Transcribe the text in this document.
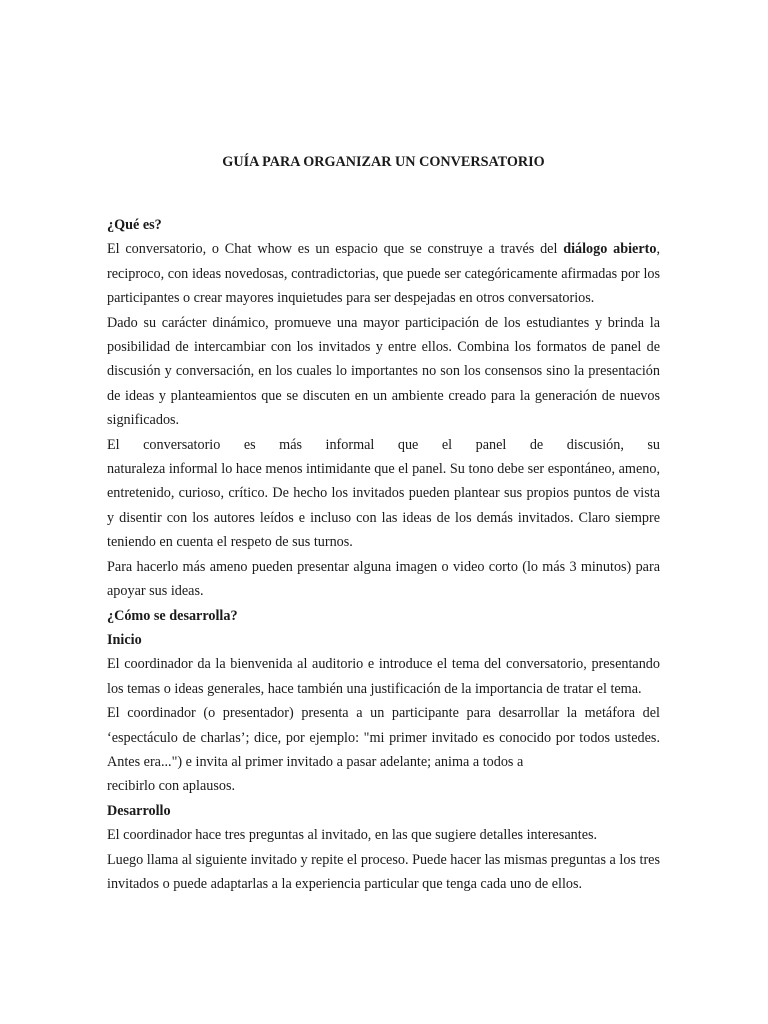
GUÍA PARA ORGANIZAR UN CONVERSATORIO
¿Qué es?

El conversatorio, o Chat whow es un espacio que se construye a través del diálogo abierto, reciproco, con ideas novedosas, contradictorias, que puede ser categóricamente afirmadas por los participantes o crear mayores inquietudes para ser despejadas en otros conversatorios.

Dado su carácter dinámico, promueve una mayor participación de los estudiantes y brinda la posibilidad de intercambiar con los invitados y entre ellos. Combina los formatos de panel de discusión y conversación, en los cuales lo importantes no son los consensos sino la presentación de ideas y planteamientos que se discuten en un ambiente creado para la generación de nuevos significados.

El conversatorio es más informal que el panel de discusión, su

naturaleza informal lo hace menos intimidante que el panel. Su tono debe ser espontáneo, ameno, entretenido, curioso, crítico. De hecho los invitados pueden plantear sus propios puntos de vista y disentir con los autores leídos e incluso con las ideas de los demás invitados. Claro siempre teniendo en cuenta el respeto de sus turnos.

Para hacerlo más ameno pueden presentar alguna imagen o video corto (lo más 3 minutos) para apoyar sus ideas.

¿Cómo se desarrolla?
Inicio

El coordinador da la bienvenida al auditorio e introduce el tema del conversatorio, presentando los temas o ideas generales, hace también una justificación de la importancia de tratar el tema.

El coordinador (o presentador) presenta a un participante para desarrollar la metáfora del ‘espectáculo de charlas’; dice, por ejemplo: "mi primer invitado es conocido por todos ustedes. Antes era...") e invita al primer invitado a pasar adelante; anima a todos a

recibirlo con aplausos.

Desarrollo

El coordinador hace tres preguntas al invitado, en las que sugiere detalles interesantes.

Luego llama al siguiente invitado y repite el proceso. Puede hacer las mismas preguntas a los tres invitados o puede adaptarlas a la experiencia particular que tenga cada uno de ellos.
